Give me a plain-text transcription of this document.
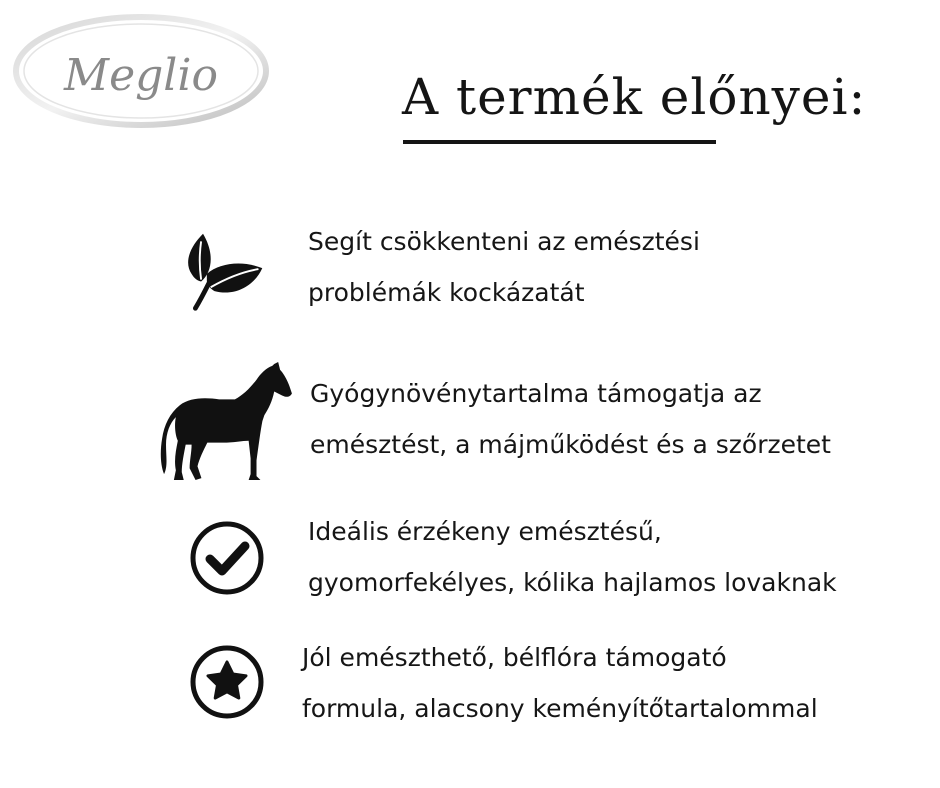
Meglio	A termék előnyei:

Segít csökkenteni az emésztési
problémák kockázatát

Gyógynövénytartalma támogatja az
emésztést, a májműködést és a szőrzetet

Ideális érzékeny emésztésű,
gyomorfekélyes, kólika hajlamos lovaknak

Jól emészthető, bélflóra támogató
formula, alacsony keményítőtartalommal
